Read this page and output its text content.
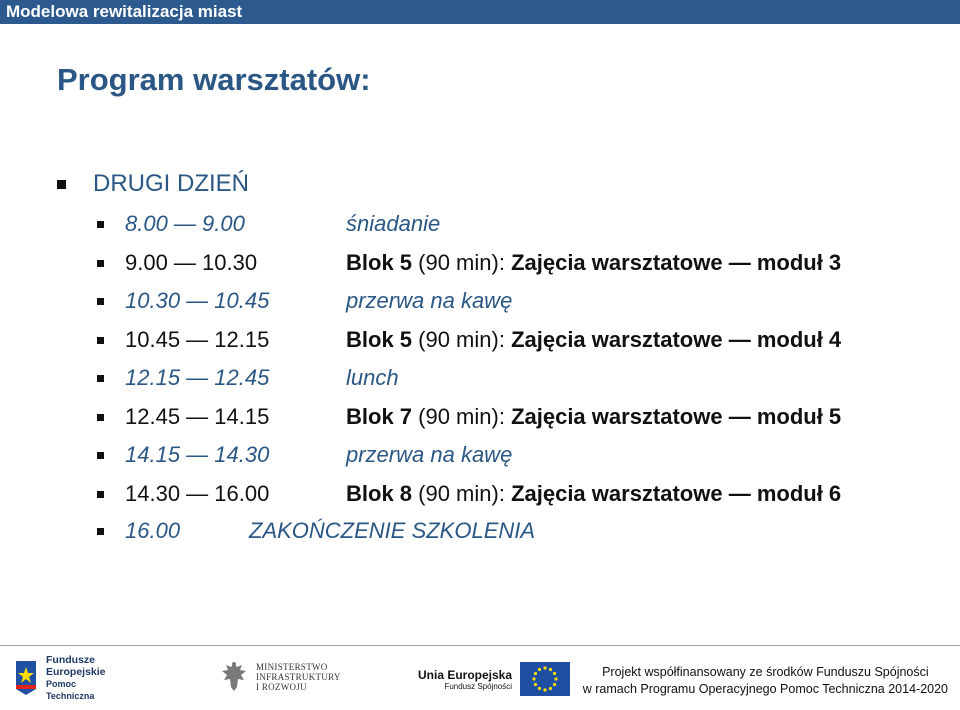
Modelowa rewitalizacja miast
Program warsztatów:
DRUGI DZIEŃ
8.00 — 9.00	śniadanie
9.00 — 10.30	Blok 5 (90 min): Zajęcia warsztatowe — moduł 3
10.30 — 10.45	przerwa na kawę
10.45 — 12.15	Blok 5 (90 min): Zajęcia warsztatowe — moduł 4
12.15 — 12.45	lunch
12.45 — 14.15	Blok 7 (90 min): Zajęcia warsztatowe — moduł 5
14.15 — 14.30	przerwa na kawę
14.30 — 16.00	Blok 8 (90 min): Zajęcia warsztatowe — moduł 6
16.00	ZAKOŃCZENIE SZKOLENIA
Fundusze
Europejskie
Pomoc Techniczna
MINISTERSTWO
INFRASTRUKTURY
I ROZWOJU
Unia Europejska
Fundusz Spójności
Projekt współfinansowany ze środków Funduszu Spójności
w ramach Programu Operacyjnego Pomoc Techniczna 2014-2020
